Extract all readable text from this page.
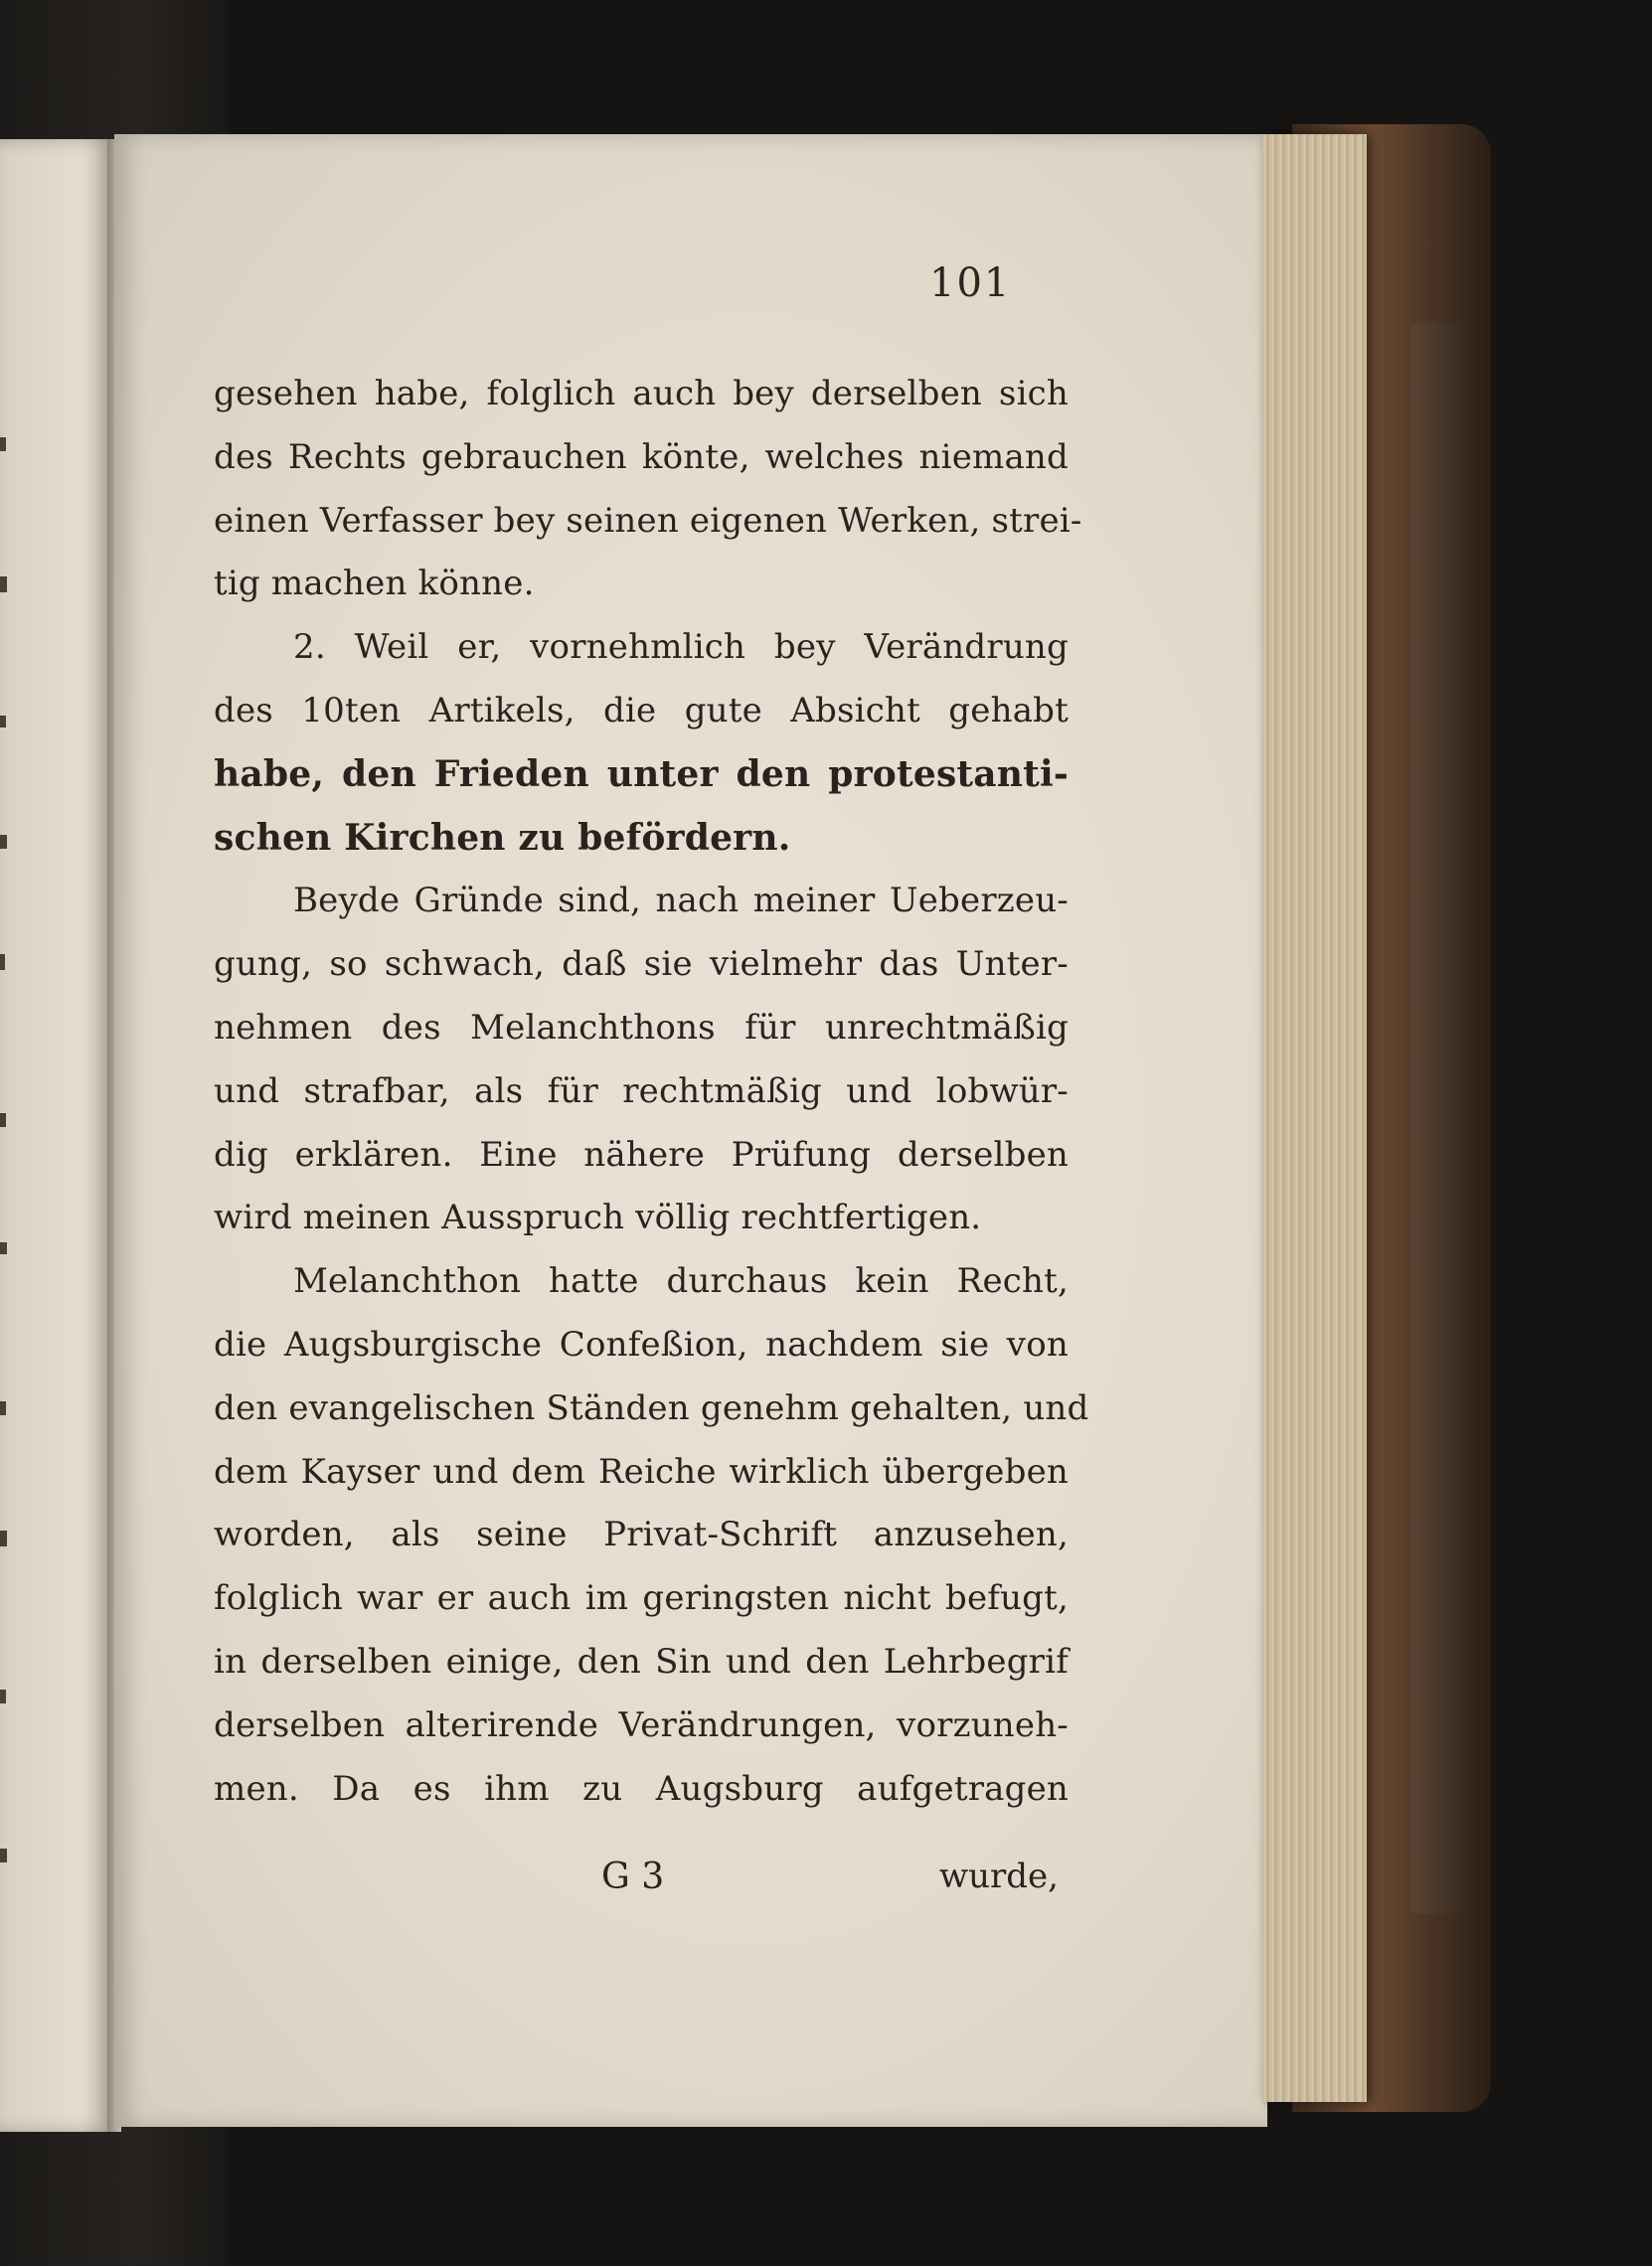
101
gesehen habe, folglich auch bey derselben sich
des Rechts gebrauchen könte, welches niemand
einen Verfasser bey seinen eigenen Werken, strei-
tig machen könne.
2. Weil er, vornehmlich bey Verändrung
des 10ten Artikels, die gute Absicht gehabt
habe, den Frieden unter den protestanti-
schen Kirchen zu befördern.
Beyde Gründe sind, nach meiner Ueberzeu-
gung, so schwach, daß sie vielmehr das Unter-
nehmen des Melanchthons für unrechtmäßig
und strafbar, als für rechtmäßig und lobwür-
dig erklären. Eine nähere Prüfung derselben
wird meinen Ausspruch völlig rechtfertigen.
Melanchthon hatte durchaus kein Recht,
die Augsburgische Confeßion, nachdem sie von
den evangelischen Ständen genehm gehalten, und
dem Kayser und dem Reiche wirklich übergeben
worden, als seine Privat-Schrift anzusehen,
folglich war er auch im geringsten nicht befugt,
in derselben einige, den Sin und den Lehrbegrif
derselben alterirende Verändrungen, vorzuneh-
men. Da es ihm zu Augsburg aufgetragen
G 3	wurde,
